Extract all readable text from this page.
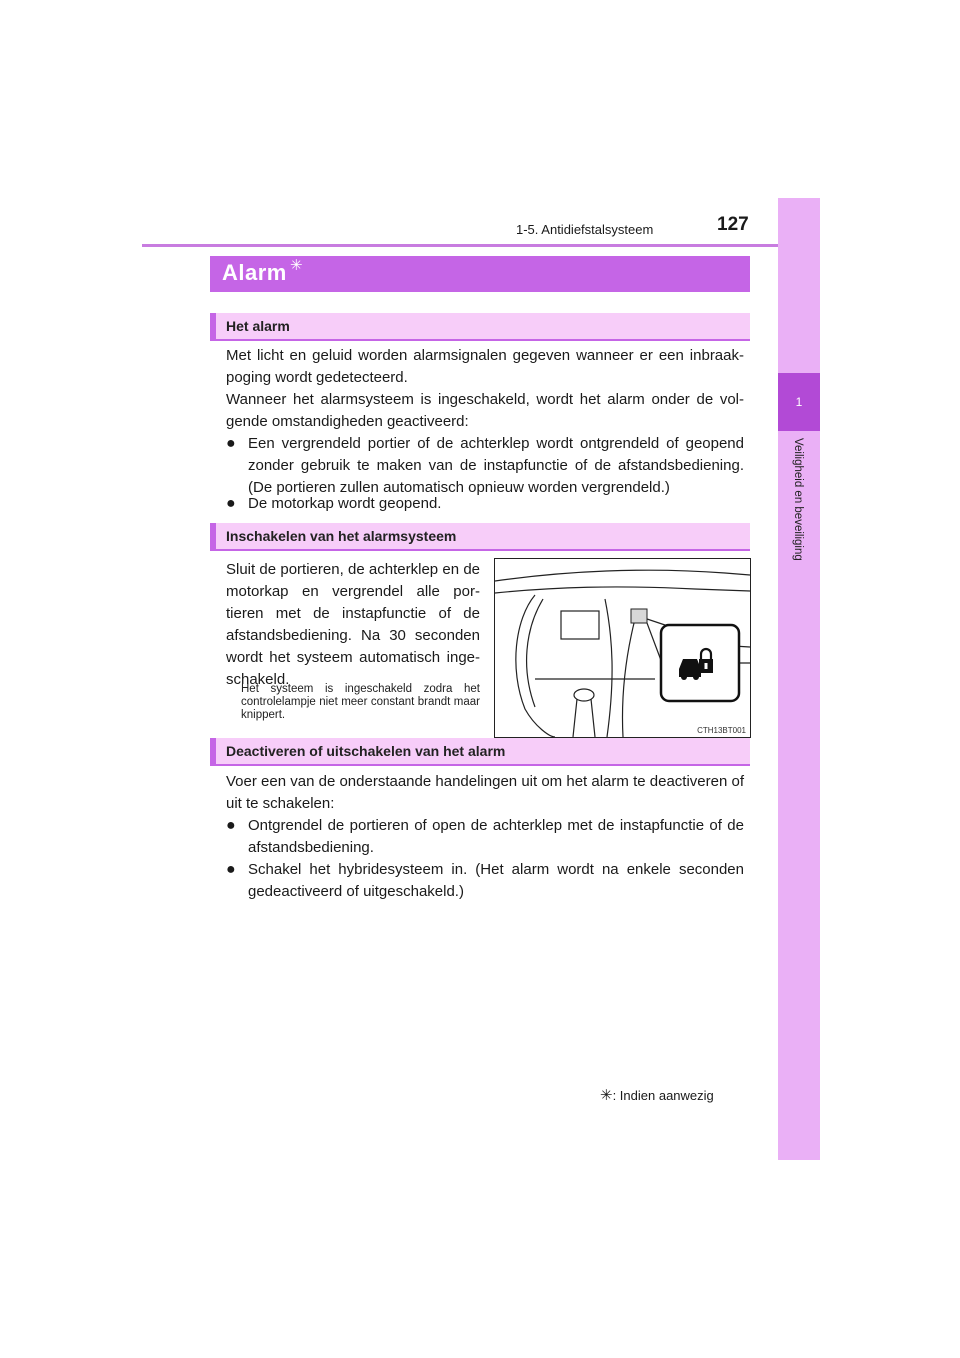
1-5. Antidiefstalsysteem	127
1
Veiligheid en beveiliging
Alarm ✳
Het alarm
Met licht en geluid worden alarmsignalen gegeven wanneer er een inbraak-poging wordt gedetecteerd.
Wanneer het alarmsysteem is ingeschakeld, wordt het alarm onder de vol-gende omstandigheden geactiveerd:
● Een vergrendeld portier of de achterklep wordt ontgrendeld of geopend zonder gebruik te maken van de instapfunctie of de afstandsbediening. (De portieren zullen automatisch opnieuw worden vergrendeld.)
● De motorkap wordt geopend.
Inschakelen van het alarmsysteem
Sluit de portieren, de achterklep en de motorkap en vergrendel alle por-tieren met de instapfunctie of de afstandsbediening. Na 30 seconden wordt het systeem automatisch inge-schakeld.
Het systeem is ingeschakeld zodra het controlelampje niet meer constant brandt maar knippert.
CTH13BT001
Deactiveren of uitschakelen van het alarm
Voer een van de onderstaande handelingen uit om het alarm te deactiveren of uit te schakelen:
● Ontgrendel de portieren of open de achterklep met de instapfunctie of de afstandsbediening.
● Schakel het hybridesysteem in. (Het alarm wordt na enkele seconden gedeactiveerd of uitgeschakeld.)
✳: Indien aanwezig
